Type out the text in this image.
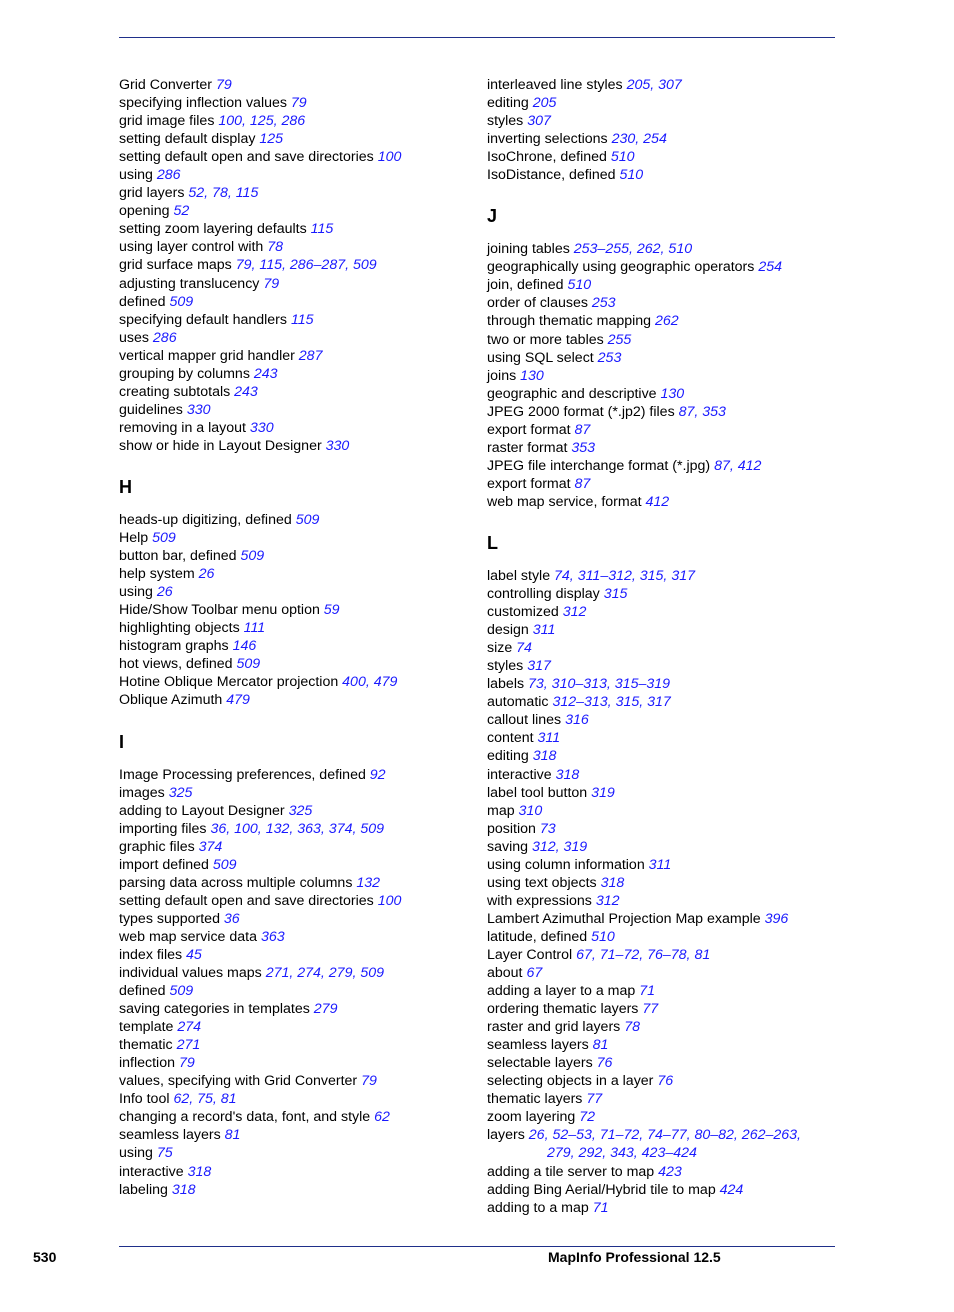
Grid Converter 79
specifying inflection values 79
grid image files 100, 125, 286
setting default display 125
setting default open and save directories 100
using 286
grid layers 52, 78, 115
opening 52
setting zoom layering defaults 115
using layer control with 78
grid surface maps 79, 115, 286–287, 509
adjusting translucency 79
defined 509
specifying default handlers 115
uses 286
vertical mapper grid handler 287
grouping by columns 243
creating subtotals 243
guidelines 330
removing in a layout 330
show or hide in Layout Designer 330
H
heads-up digitizing, defined 509
Help 509
button bar, defined 509
help system 26
using 26
Hide/Show Toolbar menu option 59
highlighting objects 111
histogram graphs 146
hot views, defined 509
Hotine Oblique Mercator projection 400, 479
Oblique Azimuth 479
I
Image Processing preferences, defined 92
images 325
adding to Layout Designer 325
importing files 36, 100, 132, 363, 374, 509
graphic files 374
import defined 509
parsing data across multiple columns 132
setting default open and save directories 100
types supported 36
web map service data 363
index files 45
individual values maps 271, 274, 279, 509
defined 509
saving categories in templates 279
template 274
thematic 271
inflection 79
values, specifying with Grid Converter 79
Info tool 62, 75, 81
changing a record's data, font, and style 62
seamless layers 81
using 75
interactive 318
labeling 318
interleaved line styles 205, 307
editing 205
styles 307
inverting selections 230, 254
IsoChrone, defined 510
IsoDistance, defined 510
J
joining tables 253–255, 262, 510
geographically using geographic operators 254
join, defined 510
order of clauses 253
through thematic mapping 262
two or more tables 255
using SQL select 253
joins 130
geographic and descriptive 130
JPEG 2000 format (*.jp2) files 87, 353
export format 87
raster format 353
JPEG file interchange format (*.jpg) 87, 412
export format 87
web map service, format 412
L
label style 74, 311–312, 315, 317
controlling display 315
customized 312
design 311
size 74
styles 317
labels 73, 310–313, 315–319
automatic 312–313, 315, 317
callout lines 316
content 311
editing 318
interactive 318
label tool button 319
map 310
position 73
saving 312, 319
using column information 311
using text objects 318
with expressions 312
Lambert Azimuthal Projection Map example 396
latitude, defined 510
Layer Control 67, 71–72, 76–78, 81
about 67
adding a layer to a map 71
ordering thematic layers 77
raster and grid layers 78
seamless layers 81
selectable layers 76
selecting objects in a layer 76
thematic layers 77
zoom layering 72
layers 26, 52–53, 71–72, 74–77, 80–82, 262–263,
279, 292, 343, 423–424
adding a tile server to map 423
adding Bing Aerial/Hybrid tile to map 424
adding to a map 71
530	MapInfo Professional 12.5
